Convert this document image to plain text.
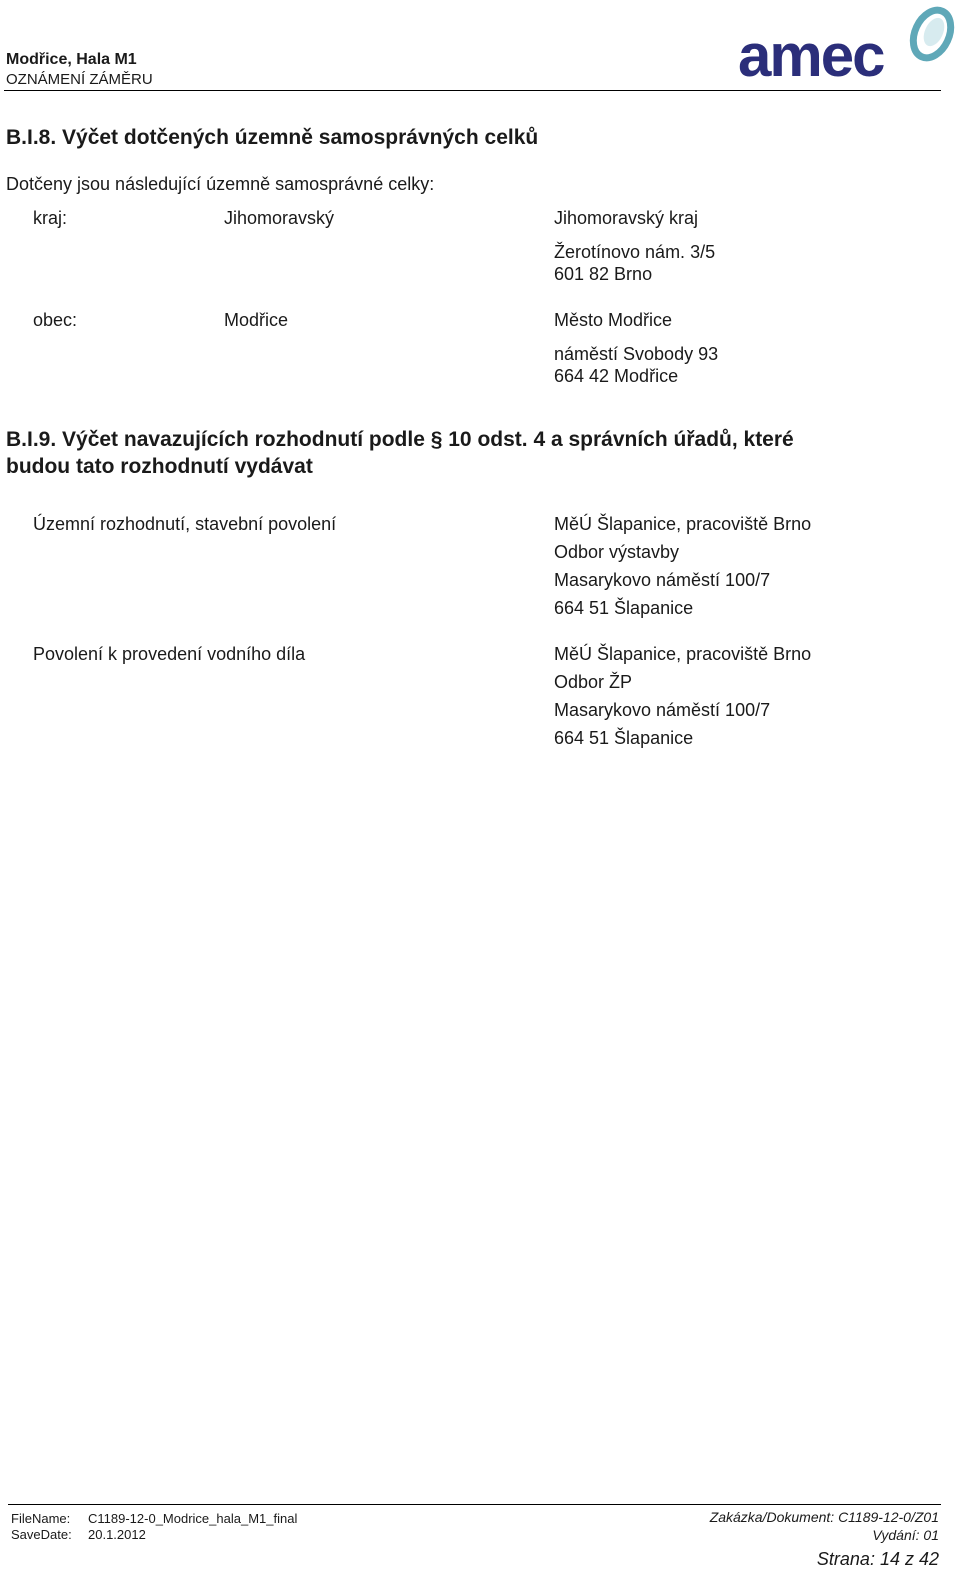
Modřice, Hala M1
OZNÁMENÍ ZÁMĚRU	amec
B.I.8. Výčet dotčených územně samosprávných celků
Dotčeny jsou následující územně samosprávné celky:
kraj:	Jihomoravský	Jihomoravský kraj
Žerotínovo nám. 3/5
601 82 Brno
obec:	Modřice	Město Modřice
náměstí Svobody 93
664 42 Modřice
B.I.9. Výčet navazujících rozhodnutí podle § 10 odst. 4 a správních úřadů, které
budou tato rozhodnutí vydávat
Územní rozhodnutí, stavební povolení	MěÚ Šlapanice, pracoviště Brno
Odbor výstavby
Masarykovo náměstí 100/7
664 51 Šlapanice
Povolení k provedení vodního díla	MěÚ Šlapanice, pracoviště Brno
Odbor ŽP
Masarykovo náměstí 100/7
664 51 Šlapanice
FileName: C1189-12-0_Modrice_hala_M1_final
SaveDate: 20.1.2012
Zakázka/Dokument: C1189-12-0/Z01
Vydání: 01
Strana: 14 z 42
